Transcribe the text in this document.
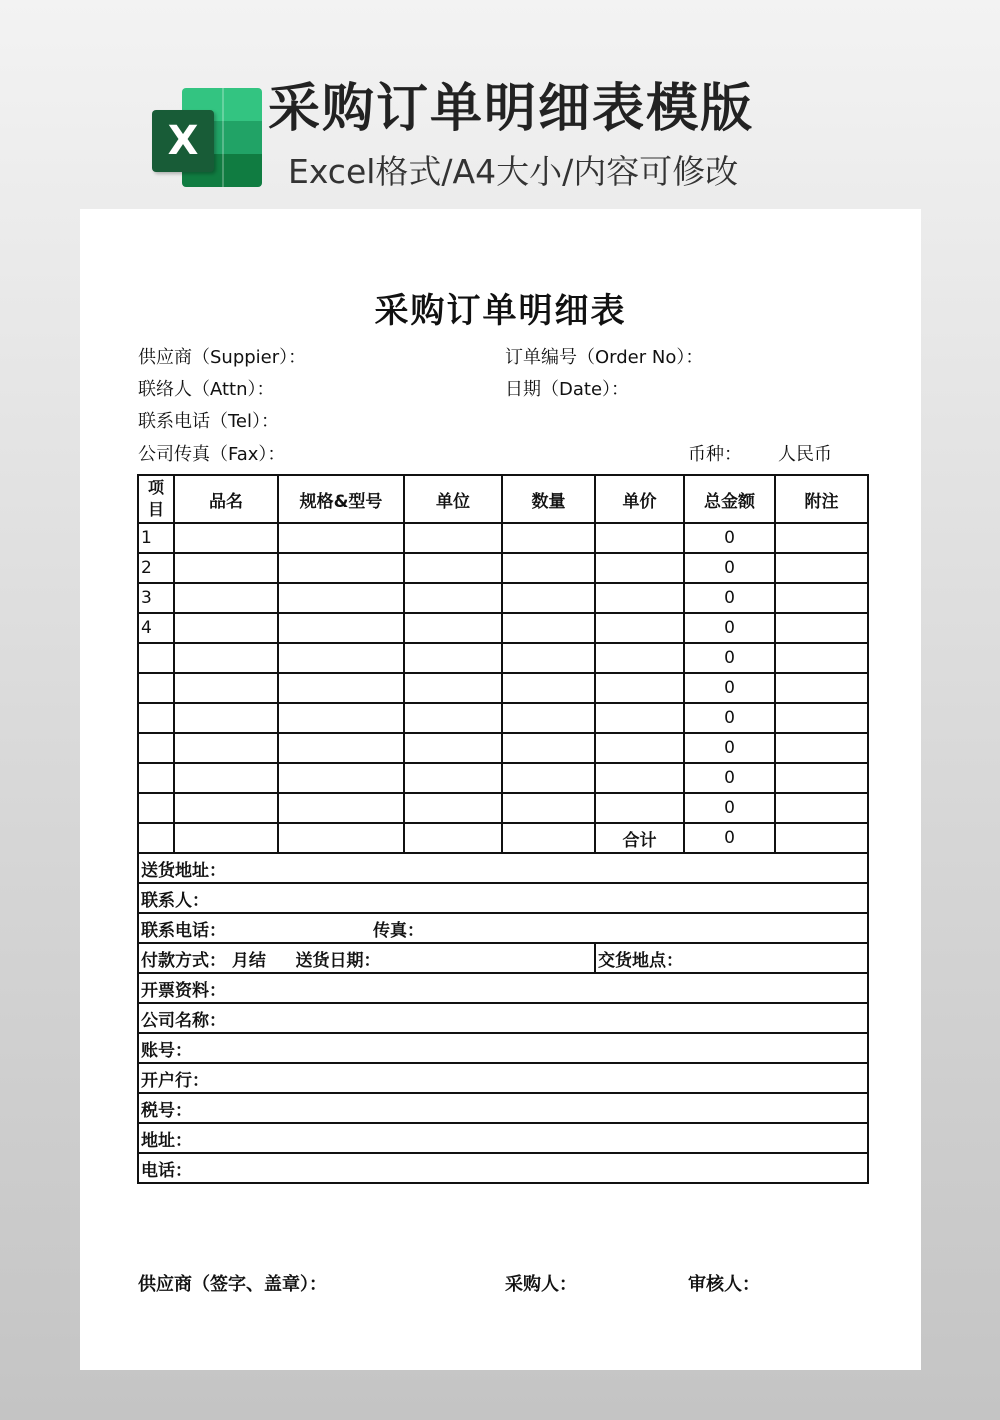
X
采购订单明细表模版
Excel格式/A4大小/内容可修改
采购订单明细表
供应商（Suppier）：	订单编号（Order No）：
联络人（Attn）：	日期（Date）：
联系电话（Tel）：
公司传真（Fax）：	币种： 人民币
项目	品名	规格&型号	单位	数量	单价	总金额	附注
1						0	
2						0	
3						0	
4						0	
						0	
						0	
						0	
						0	
						0	
						0	
					合计	0	
送货地址：							
联系人：							
联系电话： 传真：							
付款方式： 月结 送货日期：					交货地点：		
开票资料：							
公司名称：							
账号：							
开户行：							
税号：							
地址：							
电话：							
供应商（签字、盖章）：	采购人：	审核人：
